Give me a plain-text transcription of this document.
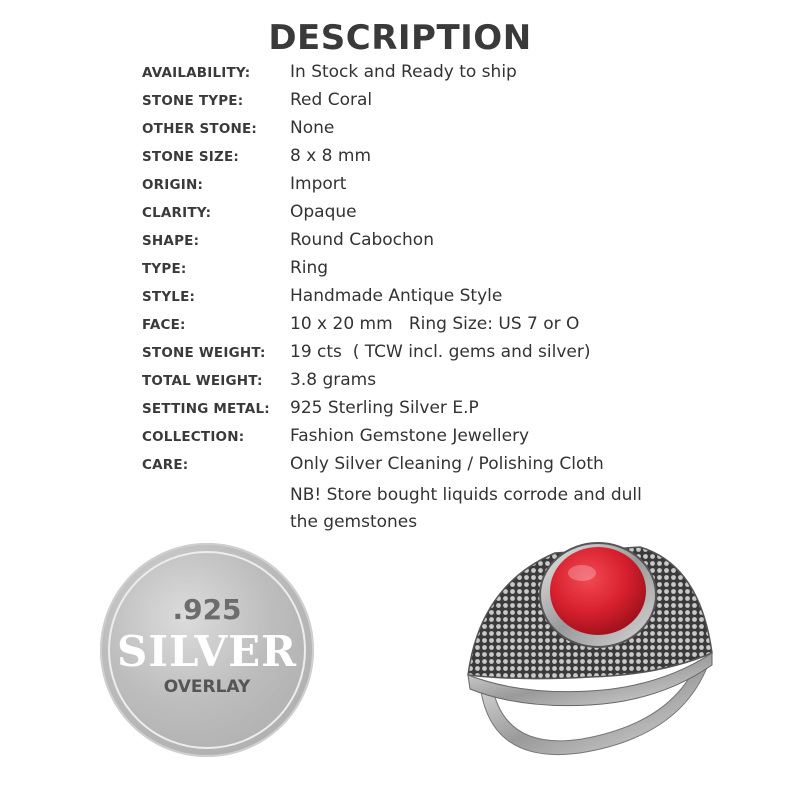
DESCRIPTION
AVAILABILITY:	In Stock and Ready to ship
STONE TYPE:	Red Coral
OTHER STONE:	None
STONE SIZE:	8 x 8 mm
ORIGIN:	Import
CLARITY:	Opaque
SHAPE:	Round Cabochon
TYPE:	Ring
STYLE:	Handmade Antique Style
FACE:	10 x 20 mm   Ring Size: US 7 or O
STONE WEIGHT:	19 cts  ( TCW incl. gems and silver)
TOTAL WEIGHT:	3.8 grams
SETTING METAL:	925 Sterling Silver E.P
COLLECTION:	Fashion Gemstone Jewellery
CARE:	Only Silver Cleaning / Polishing Cloth
NB! Store bought liquids corrode and dull the gemstones
.925
SILVER
OVERLAY
